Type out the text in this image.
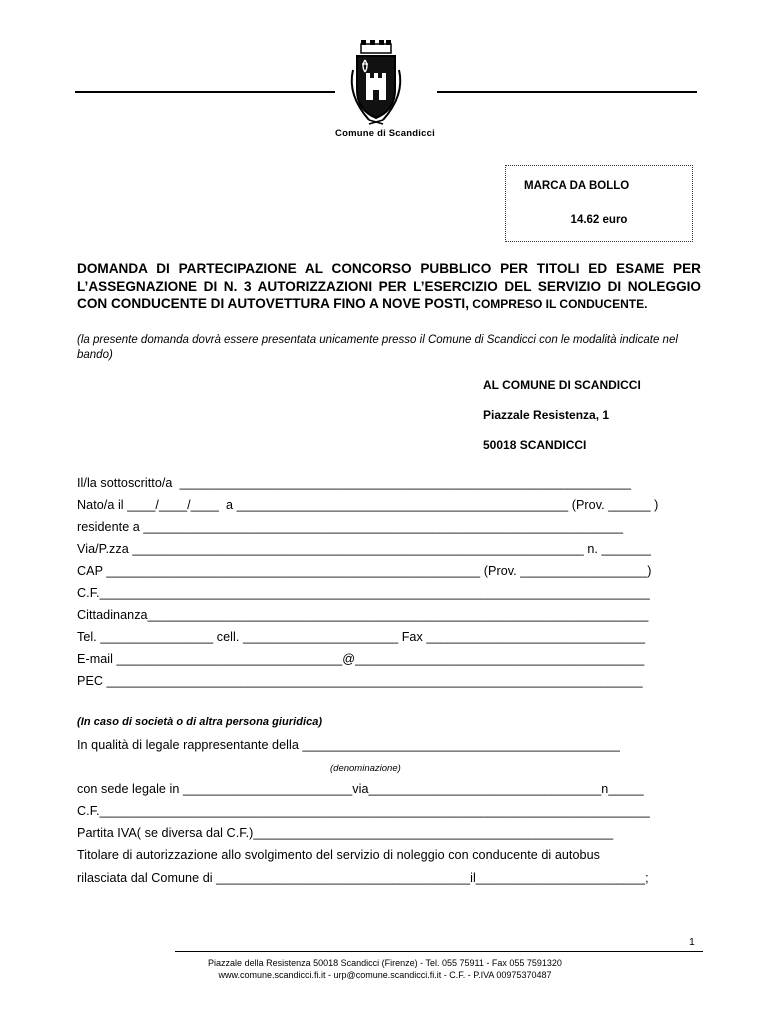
Comune di Scandicci
MARCA DA BOLLO
14.62 euro
DOMANDA DI PARTECIPAZIONE AL CONCORSO PUBBLICO PER TITOLI ED ESAME PER L’ASSEGNAZIONE DI N. 3 AUTORIZZAZIONI PER L’ESERCIZIO DEL SERVIZIO DI NOLEGGIO CON CONDUCENTE DI AUTOVETTURA FINO A NOVE POSTI, COMPRESO IL CONDUCENTE.
(la presente domanda dovrà essere presentata unicamente presso il Comune di Scandicci con le modalità indicate nel bando)
AL COMUNE DI SCANDICCI
Piazzale Resistenza, 1
50018 SCANDICCI
Il/la sottoscritto/a  ________________________________________________________________
Nato/a il ____/____/____  a _______________________________________________ (Prov. ______ )
residente a ____________________________________________________________________
Via/P.zza ________________________________________________________________ n. _______
CAP _____________________________________________________ (Prov. __________________)
C.F.______________________________________________________________________________
Cittadinanza_______________________________________________________________________
Tel. ________________ cell. ______________________ Fax _______________________________
E-mail ________________________________@_________________________________________
PEC ____________________________________________________________________________
(In caso di società o di altra persona giuridica)
In qualità di legale rappresentante della _____________________________________________
(denominazione)
con sede legale in ________________________via_________________________________n_____
C.F.______________________________________________________________________________
Partita IVA( se diversa dal C.F.)___________________________________________________
Titolare di autorizzazione allo svolgimento del servizio di noleggio con conducente di autobus
rilasciata dal Comune di ____________________________________il________________________;
1
Piazzale della Resistenza 50018 Scandicci (Firenze) - Tel. 055 75911 - Fax 055 7591320
www.comune.scandicci.fi.it - urp@comune.scandicci.fi.it - C.F. - P.IVA 00975370487
